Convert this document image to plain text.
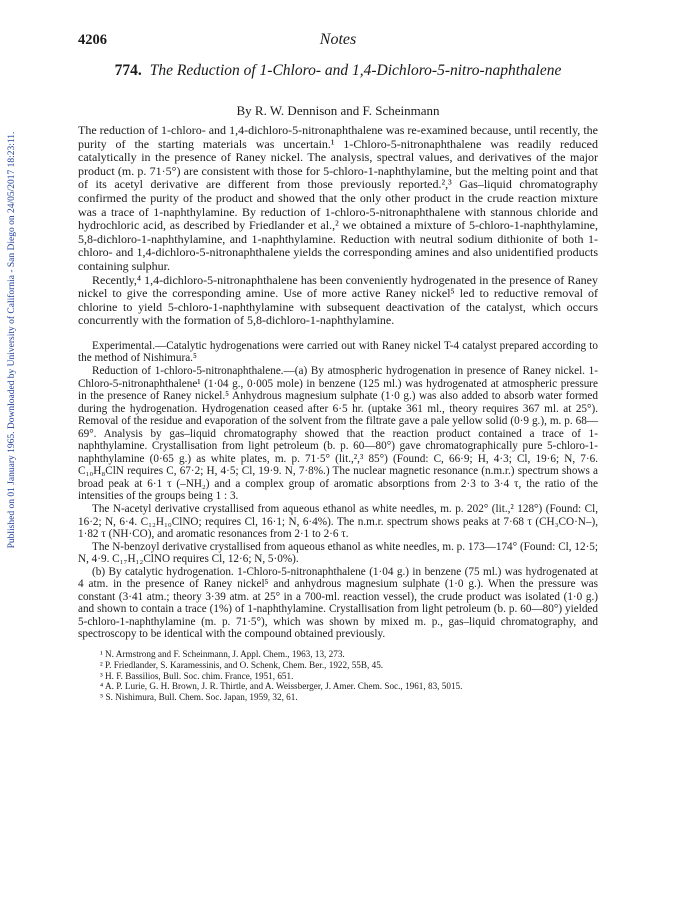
Published on 01 January 1965. Downloaded by University of California - San Diego on 24/05/2017 18:23:11.
4206	Notes
774. The Reduction of 1-Chloro- and 1,4-Dichloro-5-nitro-naphthalene
By R. W. Dennison and F. Scheinmann

The reduction of 1-chloro- and 1,4-dichloro-5-nitronaphthalene was re-examined because, until recently, the purity of the starting materials was uncertain.¹ 1-Chloro-5-nitronaphthalene was readily reduced catalytically in the presence of Raney nickel. The analysis, spectral values, and derivatives of the major product (m. p. 71·5°) are consistent with those for 5-chloro-1-naphthylamine, but the melting point and that of its acetyl derivative are different from those previously reported.²,³ Gas–liquid chromatography confirmed the purity of the product and showed that the only other product in the crude reaction mixture was a trace of 1-naphthylamine. By reduction of 1-chloro-5-nitronaphthalene with stannous chloride and hydrochloric acid, as described by Friedlander et al.,² we obtained a mixture of 5-chloro-1-naphthylamine, 5,8-dichloro-1-naphthylamine, and 1-naphthylamine. Reduction with neutral sodium dithionite of both 1-chloro- and 1,4-dichloro-5-nitronaphthalene yields the corresponding amines and also unidentified products containing sulphur.

Recently,⁴ 1,4-dichloro-5-nitronaphthalene has been conveniently hydrogenated in the presence of Raney nickel to give the corresponding amine. Use of more active Raney nickel⁵ led to reductive removal of chlorine to yield 5-chloro-1-naphthylamine with subsequent deactivation of the catalyst, which occurs concurrently with the formation of 5,8-dichloro-1-naphthylamine.

Experimental.—Catalytic hydrogenations were carried out with Raney nickel T-4 catalyst prepared according to the method of Nishimura.⁵

Reduction of 1-chloro-5-nitronaphthalene.—(a) By atmospheric hydrogenation in presence of Raney nickel. 1-Chloro-5-nitronaphthalene¹ (1·04 g., 0·005 mole) in benzene (125 ml.) was hydrogenated at atmospheric pressure in the presence of Raney nickel.⁵ Anhydrous magnesium sulphate (1·0 g.) was also added to absorb water formed during the hydrogenation. Hydrogenation ceased after 6·5 hr. (uptake 361 ml., theory requires 367 ml. at 25°). Removal of the residue and evaporation of the solvent from the filtrate gave a pale yellow solid (0·9 g.), m. p. 68—69°. Analysis by gas–liquid chromatography showed that the reaction product contained a trace of 1-naphthylamine. Crystallisation from light petroleum (b. p. 60—80°) gave chromatographically pure 5-chloro-1-naphthylamine (0·65 g.) as white plates, m. p. 71·5° (lit.,²,³ 85°) (Found: C, 66·9; H, 4·3; Cl, 19·6; N, 7·6. C₁₀H₈ClN requires C, 67·2; H, 4·5; Cl, 19·9. N, 7·8%.) The nuclear magnetic resonance (n.m.r.) spectrum shows a broad peak at 6·1 τ (–NH₂) and a complex group of aromatic absorptions from 2·3 to 3·4 τ, the ratio of the intensities of the groups being 1 : 3.

The N-acetyl derivative crystallised from aqueous ethanol as white needles, m. p. 202° (lit.,² 128°) (Found: Cl, 16·2; N, 6·4. C₁₂H₁₀ClNO; requires Cl, 16·1; N, 6·4%). The n.m.r. spectrum shows peaks at 7·68 τ (CH₃CO·N–), 1·82 τ (NH·CO), and aromatic resonances from 2·1 to 2·6 τ.

The N-benzoyl derivative crystallised from aqueous ethanol as white needles, m. p. 173—174° (Found: Cl, 12·5; N, 4·9. C₁₇H₁₂ClNO requires Cl, 12·6; N, 5·0%).

(b) By catalytic hydrogenation. 1-Chloro-5-nitronaphthalene (1·04 g.) in benzene (75 ml.) was hydrogenated at 4 atm. in the presence of Raney nickel⁵ and anhydrous magnesium sulphate (1·0 g.). When the pressure was constant (3·41 atm.; theory 3·39 atm. at 25° in a 700-ml. reaction vessel), the crude product was isolated (1·0 g.) and shown to contain a trace (1%) of 1-naphthylamine. Crystallisation from light petroleum (b. p. 60—80°) yielded 5-chloro-1-naphthylamine (m. p. 71·5°), which was shown by mixed m. p., gas–liquid chromatography, and spectroscopy to be identical with the compound obtained previously.

¹ N. Armstrong and F. Scheinmann, J. Appl. Chem., 1963, 13, 273.

² P. Friedlander, S. Karamessinis, and O. Schenk, Chem. Ber., 1922, 55B, 45.

³ H. F. Bassilios, Bull. Soc. chim. France, 1951, 651.

⁴ A. P. Lurie, G. H. Brown, J. R. Thirtle, and A. Weissberger, J. Amer. Chem. Soc., 1961, 83, 5015.

⁵ S. Nishimura, Bull. Chem. Soc. Japan, 1959, 32, 61.
